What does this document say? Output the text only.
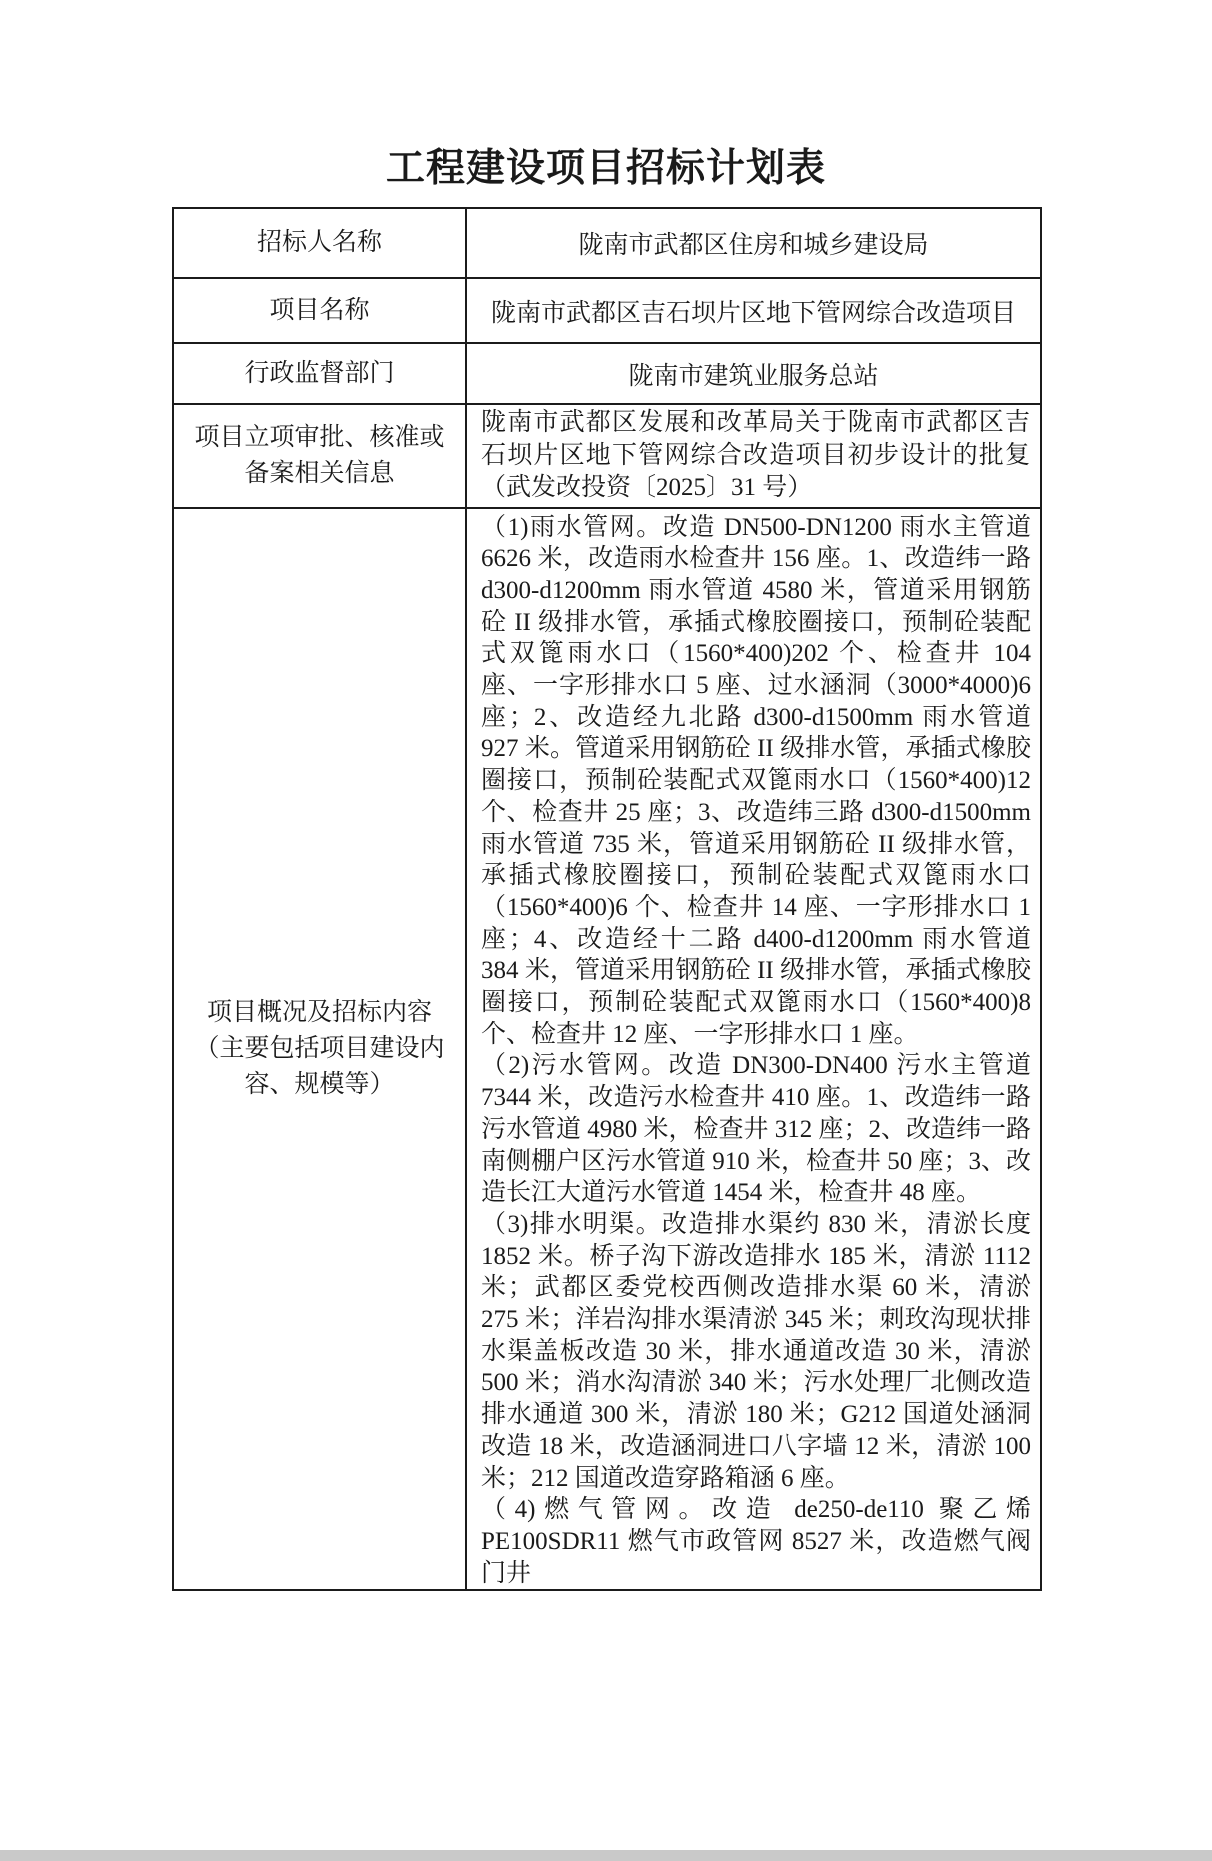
工程建设项目招标计划表
招标人名称	陇南市武都区住房和城乡建设局
项目名称	陇南市武都区吉石坝片区地下管网综合改造项目
行政监督部门	陇南市建筑业服务总站
项目立项审批、核准或备案相关信息	陇南市武都区发展和改革局关于陇南市武都区吉石坝片区地下管网综合改造项目初步设计的批复（武发改投资〔2025〕31 号）
项目概况及招标内容（主要包括项目建设内容、规模等）	（1)雨水管网。改造 DN500-DN1200 雨水主管道 6626 米，改造雨水检查井 156 座。1、改造纬一路 d300-d1200mm 雨水管道 4580 米，管道采用钢筋砼 II 级排水管，承插式橡胶圈接口，预制砼装配式双篦雨水口（1560*400)202 个、检查井 104 座、一字形排水口 5 座、过水涵洞（3000*4000)6 座；2、改造经九北路 d300-d1500mm 雨水管道 927 米。管道采用钢筋砼 II 级排水管，承插式橡胶圈接口，预制砼装配式双篦雨水口（1560*400)12 个、检查井 25 座；3、改造纬三路 d300-d1500mm 雨水管道 735 米，管道采用钢筋砼 II 级排水管，承插式橡胶圈接口，预制砼装配式双篦雨水口（1560*400)6 个、检查井 14 座、一字形排水口 1 座；4、改造经十二路 d400-d1200mm 雨水管道 384 米，管道采用钢筋砼 II 级排水管，承插式橡胶圈接口，预制砼装配式双篦雨水口（1560*400)8 个、检查井 12 座、一字形排水口 1 座。

（2)污水管网。改造 DN300-DN400 污水主管道 7344 米，改造污水检查井 410 座。1、改造纬一路污水管道 4980 米，检查井 312 座；2、改造纬一路南侧棚户区污水管道 910 米，检查井 50 座；3、改造长江大道污水管道 1454 米，检查井 48 座。

（3)排水明渠。改造排水渠约 830 米，清淤长度 1852 米。桥子沟下游改造排水 185 米，清淤 1112 米；武都区委党校西侧改造排水渠 60 米，清淤 275 米；洋岩沟排水渠清淤 345 米；刺玫沟现状排水渠盖板改造 30 米，排水通道改造 30 米，清淤 500 米；消水沟清淤 340 米；污水处理厂北侧改造排水通道 300 米，清淤 180 米；G212 国道处涵洞改造 18 米，改造涵洞进口八字墙 12 米，清淤 100 米；212 国道改造穿路箱涵 6 座。

（4)燃气管网。改造 de250-de110 聚乙烯 PE100SDR11 燃气市政管网 8527 米，改造燃气阀门井
